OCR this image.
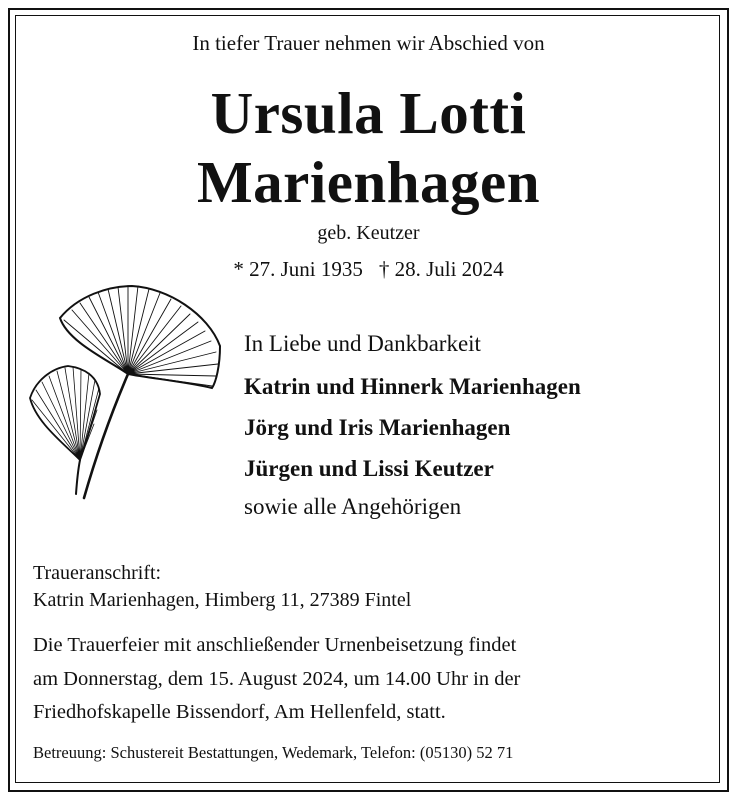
In tiefer Trauer nehmen wir Abschied von
Ursula Lotti
Marienhagen
geb. Keutzer
* 27. Juni 1935 † 28. Juli 2024
In Liebe und Dankbarkeit
Katrin und Hinnerk Marienhagen
Jörg und Iris Marienhagen
Jürgen und Lissi Keutzer
sowie alle Angehörigen
Traueranschrift:
Katrin Marienhagen, Himberg 11, 27389 Fintel
Die Trauerfeier mit anschließender Urnenbeisetzung findet
am Donnerstag, dem 15. August 2024, um 14.00 Uhr in der
Friedhofskapelle Bissendorf, Am Hellenfeld, statt.
Betreuung: Schustereit Bestattungen, Wedemark, Telefon: (05130) 52 71
